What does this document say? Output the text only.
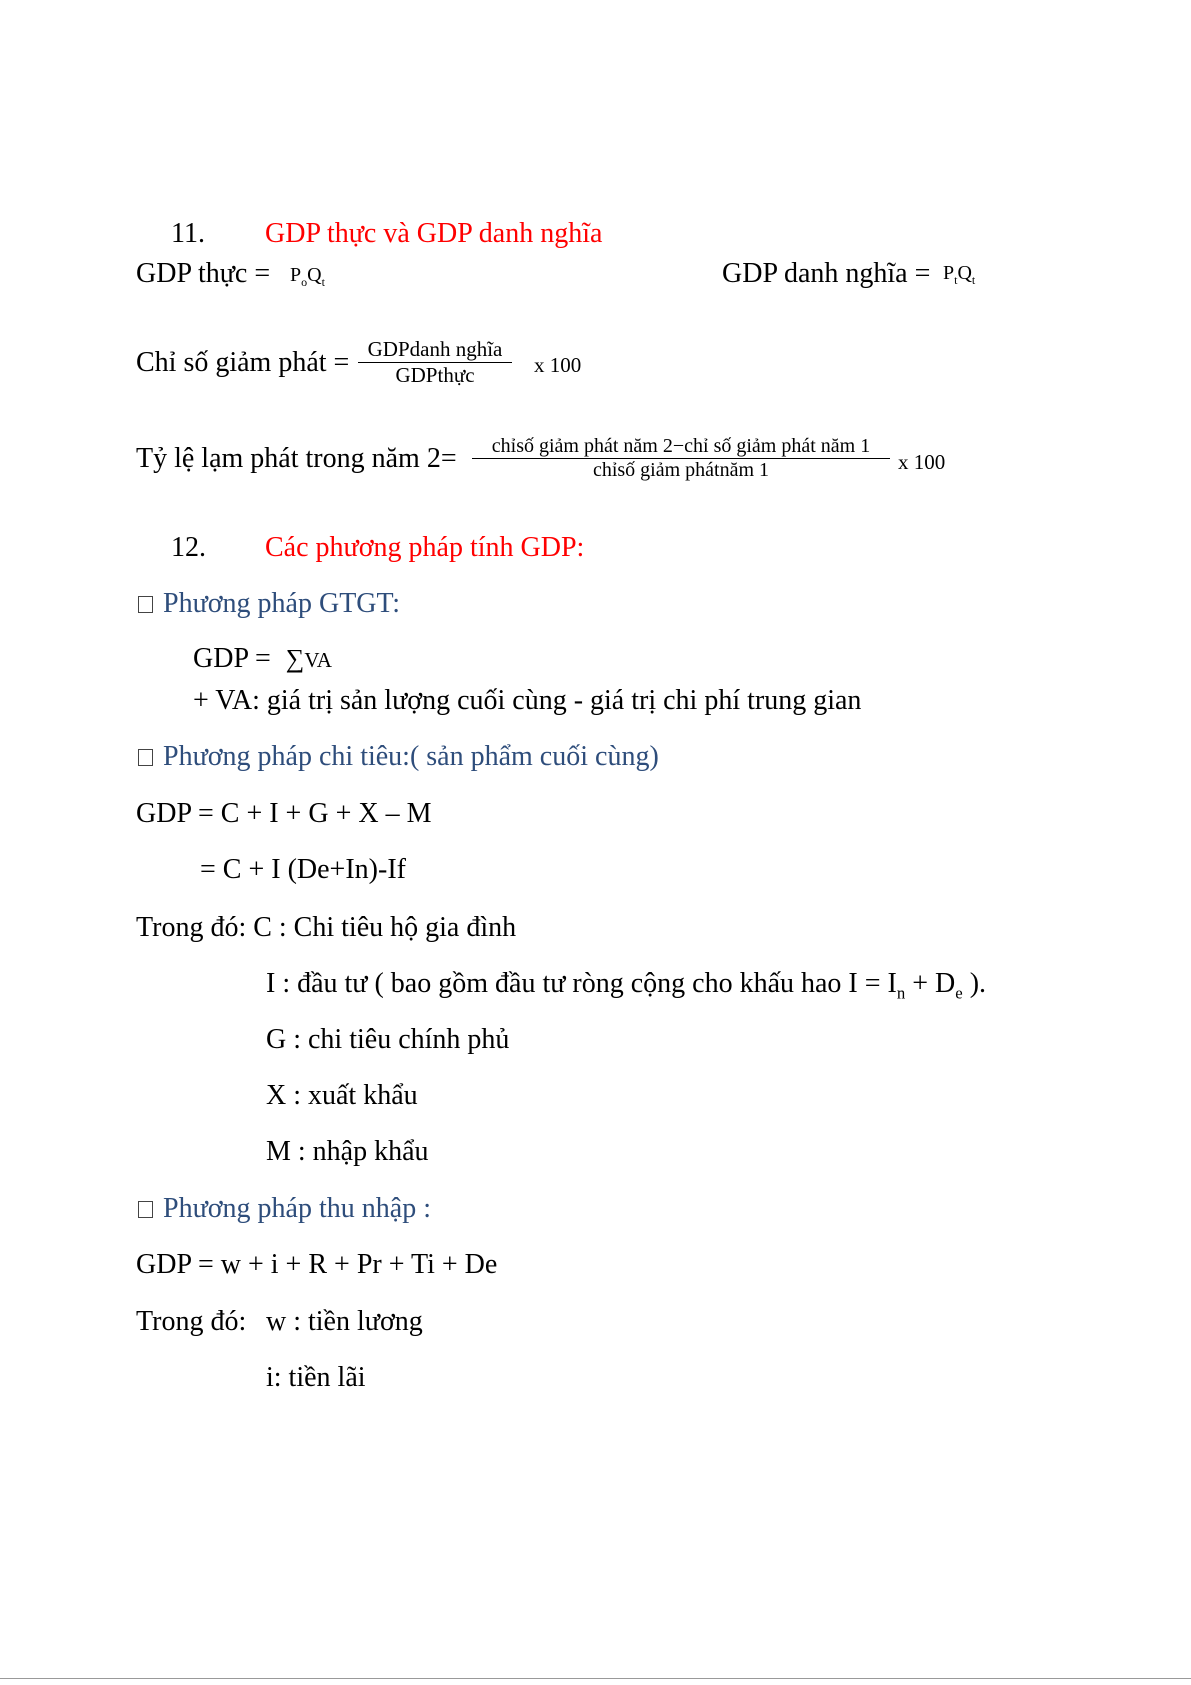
11. GDP thực và GDP danh nghĩa
GDP thực = $P_oQ_t$	GDP danh nghĩa = $P_tQ_t$
Chỉ số giảm phát = GDPdanh nghĩa
GDPthực	x 100
Tỷ lệ lạm phát trong năm 2=	chỉsố giảm phát năm 2−chỉ số giảm phát năm 1
chỉsố giảm phátnăm 1	x 100
12. Các phương pháp tính GDP:
Phương pháp GTGT:
GDP = ∑VA
+ VA: giá trị sản lượng cuối cùng - giá trị chi phí trung gian
Phương pháp chi tiêu:( sản phẩm cuối cùng)
GDP = C + I + G + X – M
= C + I (De+In)-If
Trong đó: C : Chi tiêu hộ gia đình
I : đầu tư ( bao gồm đầu tư ròng cộng cho khấu hao $I = I_n + D_e$ ).
G : chi tiêu chính phủ
X : xuất khẩu
M : nhập khẩu
Phương pháp thu nhập :
GDP = w + i + R + Pr + Ti + De
Trong đó: w : tiền lương
i: tiền lãi
